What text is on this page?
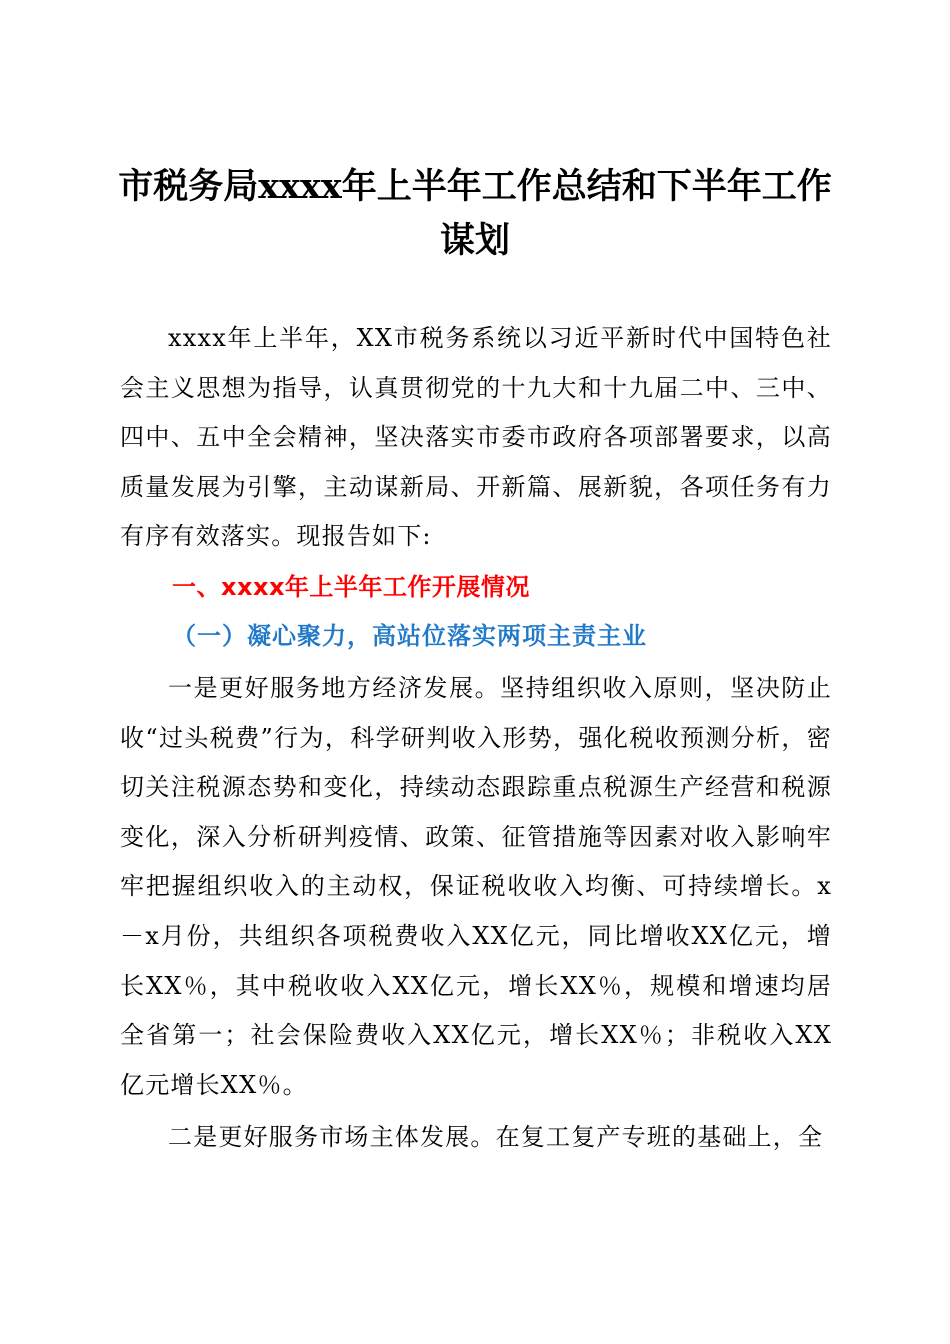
市税务局xxxx年上半年工作总结和下半年工作谋划

xxxx年上半年，XX市税务系统以习近平新时代中国特色社会主义思想为指导，认真贯彻党的十九大和十九届二中、三中、四中、五中全会精神，坚决落实市委市政府各项部署要求，以高质量发展为引擎，主动谋新局、开新篇、展新貌，各项任务有力有序有效落实。现报告如下:

一、xxxx年上半年工作开展情况
（一）凝心聚力，高站位落实两项主责主业

一是更好服务地方经济发展。坚持组织收入原则，坚决防止收“过头税费”行为，科学研判收入形势，强化税收预测分析，密切关注税源态势和变化，持续动态跟踪重点税源生产经营和税源变化，深入分析研判疫情、政策、征管措施等因素对收入影响牢牢把握组织收入的主动权，保证税收收入均衡、可持续增长。x－x月份，共组织各项税费收入XX亿元，同比增收XX亿元，增长XX％，其中税收收入XX亿元，增长XX％，规模和增速均居全省第一；社会保险费收入XX亿元，增长XX％；非税收入XX亿元增长XX％。

二是更好服务市场主体发展。在复工复产专班的基础上，全
